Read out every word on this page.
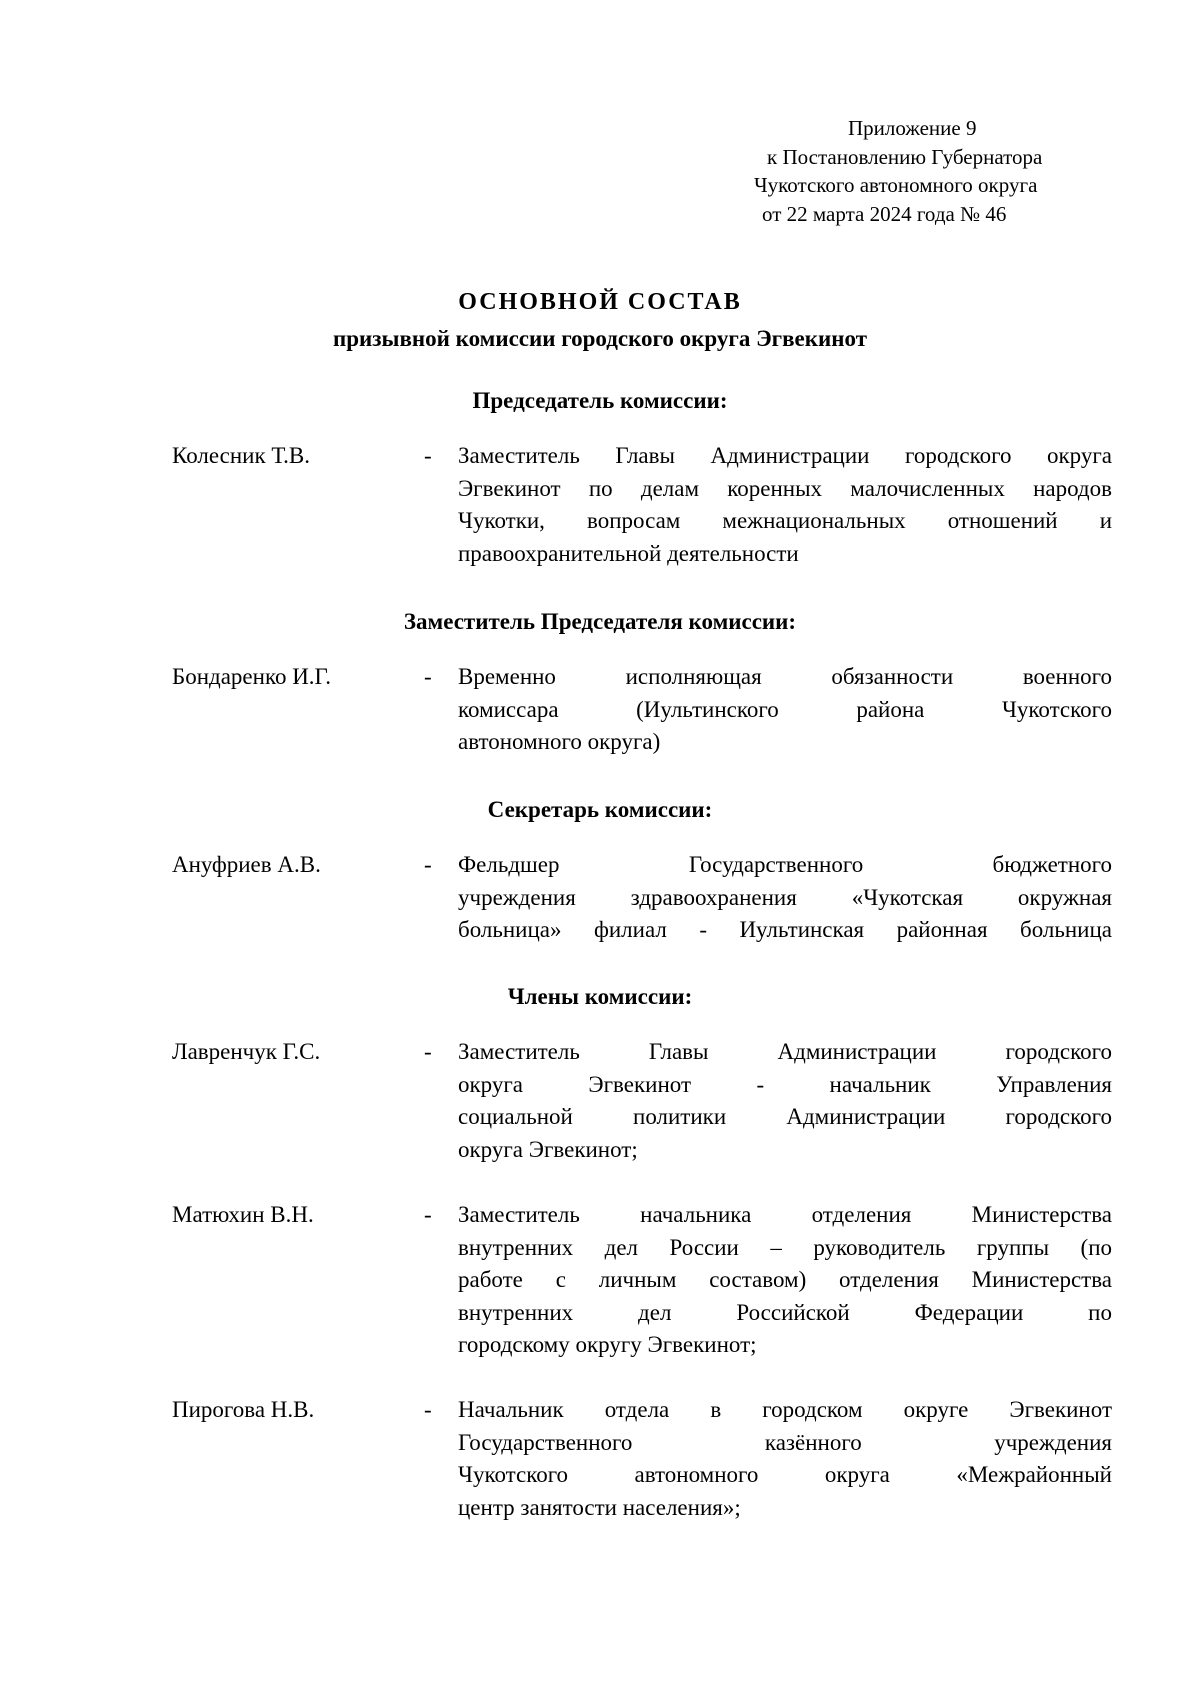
Приложение 9
к Постановлению Губернатора
Чукотского автономного округа
от 22 марта 2024 года № 46
ОСНОВНОЙ СОСТАВ
призывной комиссии городского округа Эгвекинот
Председатель комиссии:
Колесник Т.В.	- Заместитель Главы Администрации городского округа
Эгвекинот по делам коренных малочисленных народов
Чукотки, вопросам межнациональных отношений и
правоохранительной деятельности
Заместитель Председателя комиссии:
Бондаренко И.Г.	- Временно исполняющая обязанности военного
комиссара (Иультинского района Чукотского
автономного округа)
Секретарь комиссии:
Ануфриев А.В.	- Фельдшер Государственного бюджетного
учреждения здравоохранения «Чукотская окружная
больница» филиал - Иультинская районная больница
Члены комиссии:
Лавренчук Г.С.	- Заместитель Главы Администрации городского
округа Эгвекинот - начальник Управления
социальной политики Администрации городского
округа Эгвекинот;
Матюхин В.Н.	- Заместитель начальника отделения Министерства
внутренних дел России – руководитель группы (по
работе с личным составом) отделения Министерства
внутренних дел Российской Федерации по
городскому округу Эгвекинот;
Пирогова Н.В.	- Начальник отдела в городском округе Эгвекинот
Государственного казённого учреждения
Чукотского автономного округа «Межрайонный
центр занятости населения»;
